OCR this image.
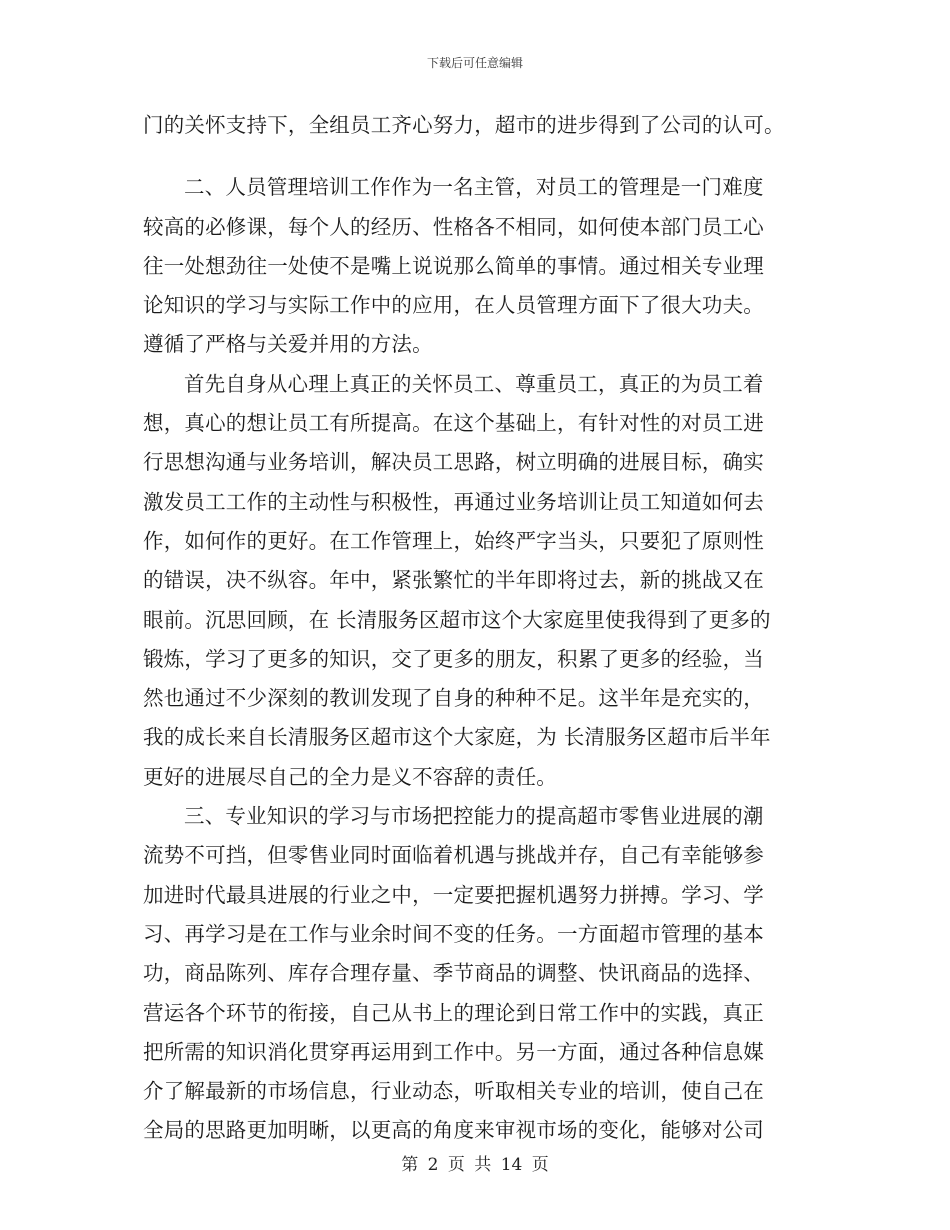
下载后可任意编辑
门的关怀支持下，全组员工齐心努力，超市的进步得到了公司的认可。
二、人员管理培训工作作为一名主管，对员工的管理是一门难度
较高的必修课，每个人的经历、性格各不相同，如何使本部门员工心
往一处想劲往一处使不是嘴上说说那么简单的事情。通过相关专业理
论知识的学习与实际工作中的应用，在人员管理方面下了很大功夫。
遵循了严格与关爱并用的方法。
首先自身从心理上真正的关怀员工、尊重员工，真正的为员工着
想，真心的想让员工有所提高。在这个基础上，有针对性的对员工进
行思想沟通与业务培训，解决员工思路，树立明确的进展目标，确实
激发员工工作的主动性与积极性，再通过业务培训让员工知道如何去
作，如何作的更好。在工作管理上，始终严字当头，只要犯了原则性
的错误，决不纵容。年中，紧张繁忙的半年即将过去，新的挑战又在
眼前。沉思回顾，在 长清服务区超市这个大家庭里使我得到了更多的
锻炼，学习了更多的知识，交了更多的朋友，积累了更多的经验，当
然也通过不少深刻的教训发现了自身的种种不足。这半年是充实的，
我的成长来自长清服务区超市这个大家庭，为 长清服务区超市后半年
更好的进展尽自己的全力是义不容辞的责任。
三、专业知识的学习与市场把控能力的提高超市零售业进展的潮
流势不可挡，但零售业同时面临着机遇与挑战并存，自己有幸能够参
加进时代最具进展的行业之中，一定要把握机遇努力拼搏。学习、学
习、再学习是在工作与业余时间不变的任务。一方面超市管理的基本
功，商品陈列、库存合理存量、季节商品的调整、快讯商品的选择、
营运各个环节的衔接，自己从书上的理论到日常工作中的实践，真正
把所需的知识消化贯穿再运用到工作中。另一方面，通过各种信息媒
介了解最新的市场信息，行业动态，听取相关专业的培训，使自己在
全局的思路更加明晰，以更高的角度来审视市场的变化，能够对公司
第 2 页 共 14 页
